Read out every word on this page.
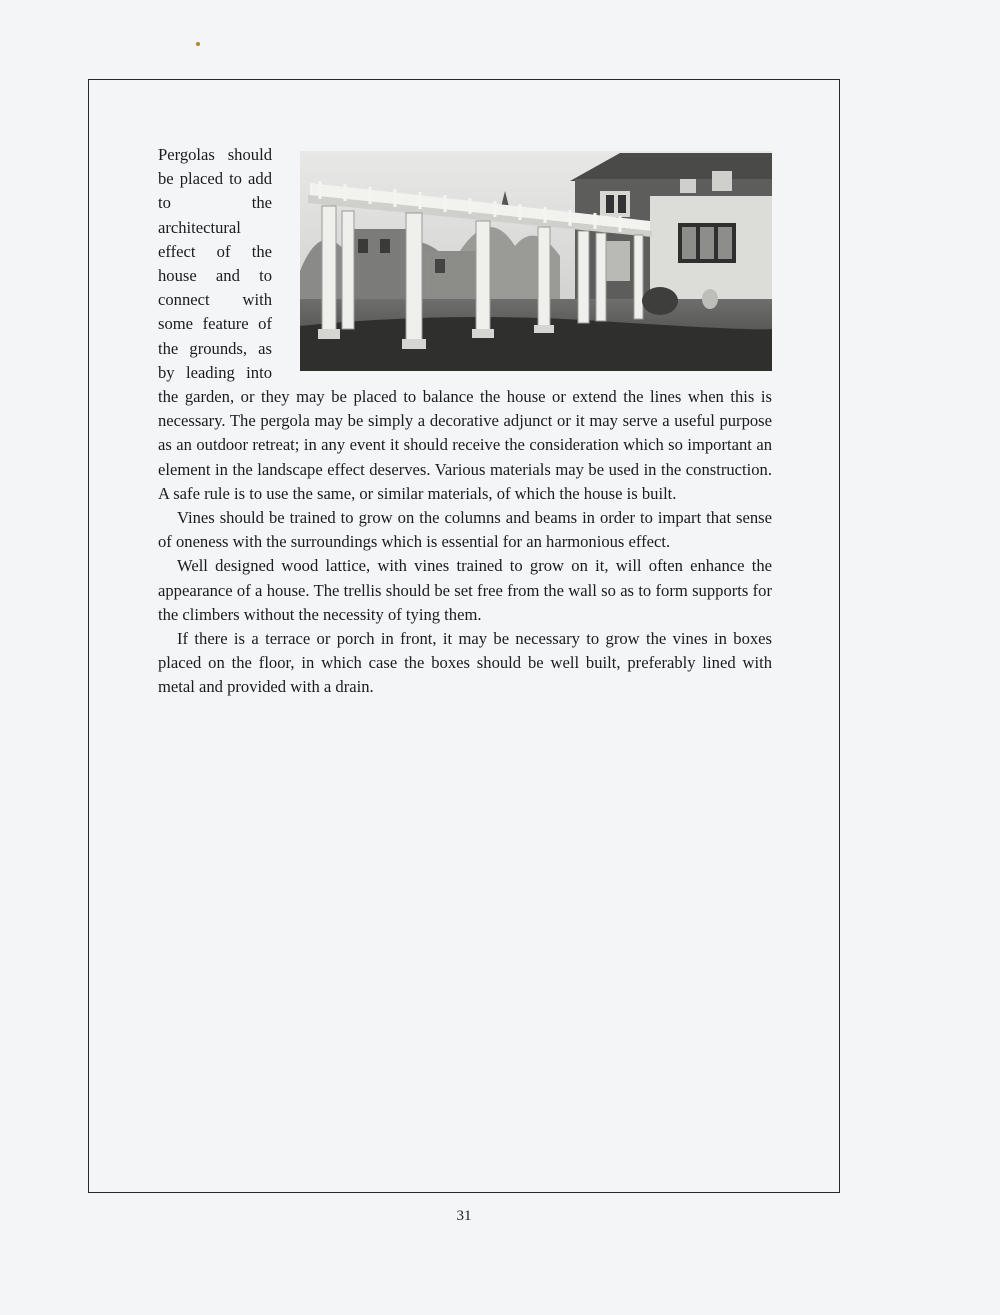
Pergolas should be placed to add to the architectural effect of the house and to connect with some feature of the grounds, as by leading into the garden, or they may be placed to balance the house or extend the lines when this is necessary. The pergola may be simply a decorative adjunct or it may serve a useful purpose as an outdoor retreat; in any event it should receive the consideration which so important an element in the landscape effect deserves. Various materials may be used in the construction. A safe rule is to use the same, or similar materials, of which the house is built.

Vines should be trained to grow on the columns and beams in order to impart that sense of oneness with the surroundings which is essential for an harmonious effect.

Well designed wood lattice, with vines trained to grow on it, will often enhance the appearance of a house. The trellis should be set free from the wall so as to form supports for the climbers without the necessity of tying them.

If there is a terrace or porch in front, it may be necessary to grow the vines in boxes placed on the floor, in which case the boxes should be well built, preferably lined with metal and provided with a drain.

31
